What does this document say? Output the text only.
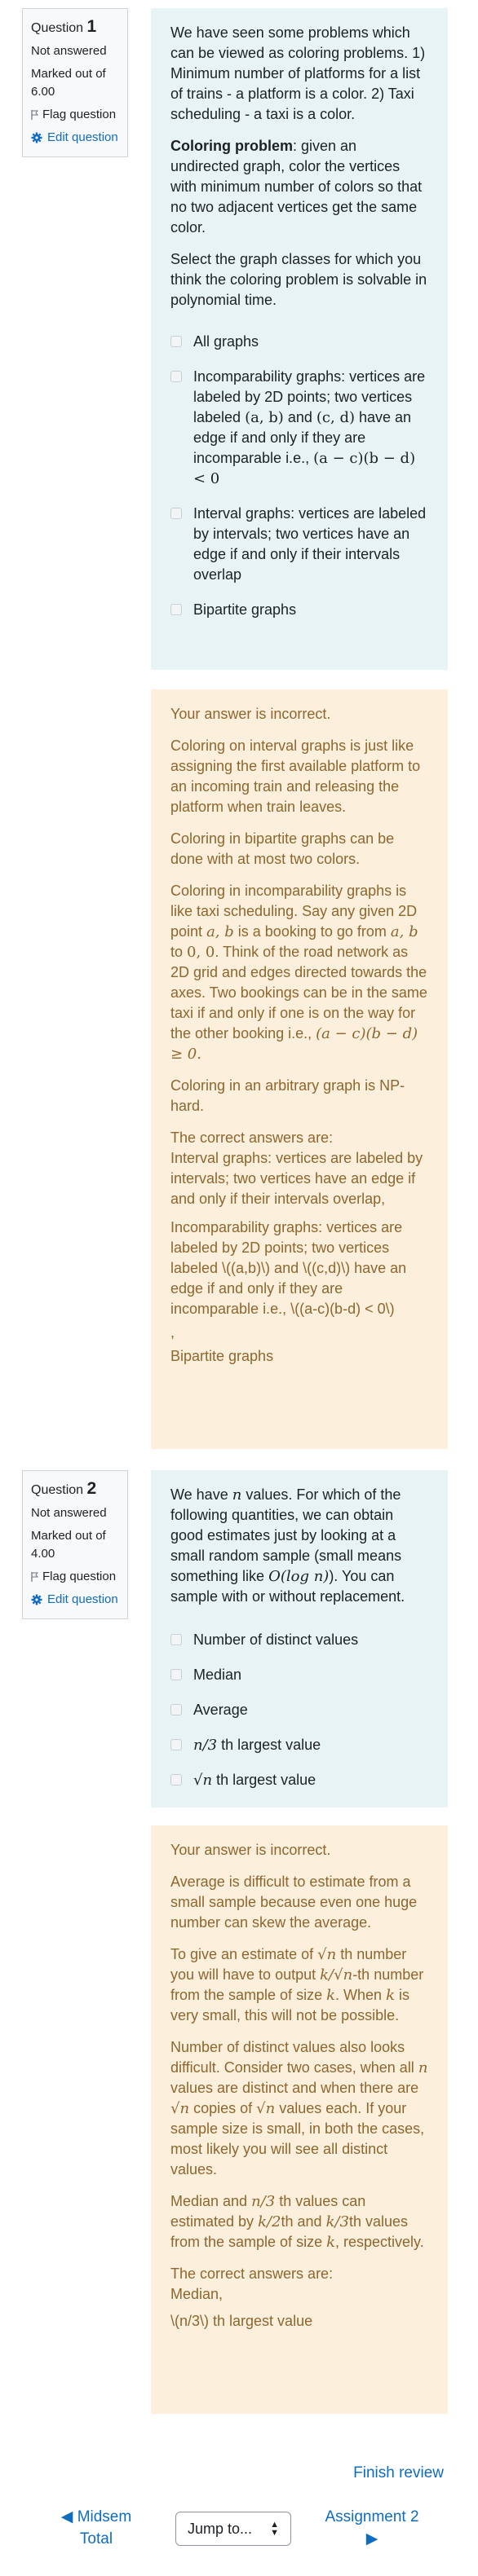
Question 1
Not answered
Marked out of 6.00
Flag question
Edit question

We have seen some problems which can be viewed as coloring problems. 1) Minimum number of platforms for a list of trains - a platform is a color. 2) Taxi scheduling - a taxi is a color.

Coloring problem: given an undirected graph, color the vertices with minimum number of colors so that no two adjacent vertices get the same color.

Select the graph classes for which you think the coloring problem is solvable in polynomial time.

All graphs
Incomparability graphs: vertices are labeled by 2D points; two vertices labeled (a, b) and (c, d) have an edge if and only if they are incomparable i.e., (a − c)(b − d) < 0
Interval graphs: vertices are labeled by intervals; two vertices have an edge if and only if their intervals overlap
Bipartite graphs

Your answer is incorrect.

Coloring on interval graphs is just like assigning the first available platform to an incoming train and releasing the platform when train leaves.

Coloring in bipartite graphs can be done with at most two colors.

Coloring in incomparability graphs is like taxi scheduling. Say any given 2D point a, b is a booking to go from a, b to 0, 0. Think of the road network as 2D grid and edges directed towards the axes. Two bookings can be in the same taxi if and only if one is on the way for the other booking i.e., (a − c)(b − d) ≥ 0.

Coloring in an arbitrary graph is NP-hard.

The correct answers are:
Interval graphs: vertices are labeled by intervals; two vertices have an edge if and only if their intervals overlap,

Incomparability graphs: vertices are labeled by 2D points; two vertices labeled \((a,b)\) and \((c,d)\) have an edge if and only if they are incomparable i.e., \((a-c)(b-d) < 0\)

,

Bipartite graphs

Question 2
Not answered
Marked out of 4.00
Flag question
Edit question

We have n values. For which of the following quantities, we can obtain good estimates just by looking at a small random sample (small means something like O(log n)). You can sample with or without replacement.

Number of distinct values
Median
Average
n/3 th largest value
√n th largest value

Your answer is incorrect.

Average is difficult to estimate from a small sample because even one huge number can skew the average.

To give an estimate of √n th number you will have to output k/√n-th number from the sample of size k. When k is very small, this will not be possible.

Number of distinct values also looks difficult. Consider two cases, when all n values are distinct and when there are √n copies of √n values each. If your sample size is small, in both the cases, most likely you will see all distinct values.

Median and n/3 th values can estimated by k/2th and k/3th values from the sample of size k, respectively.

The correct answers are:
Median,

\(n/3\) th largest value

Finish review
◀ Midsem Total
Jump to... ▲
▼
Assignment 2 ▶
